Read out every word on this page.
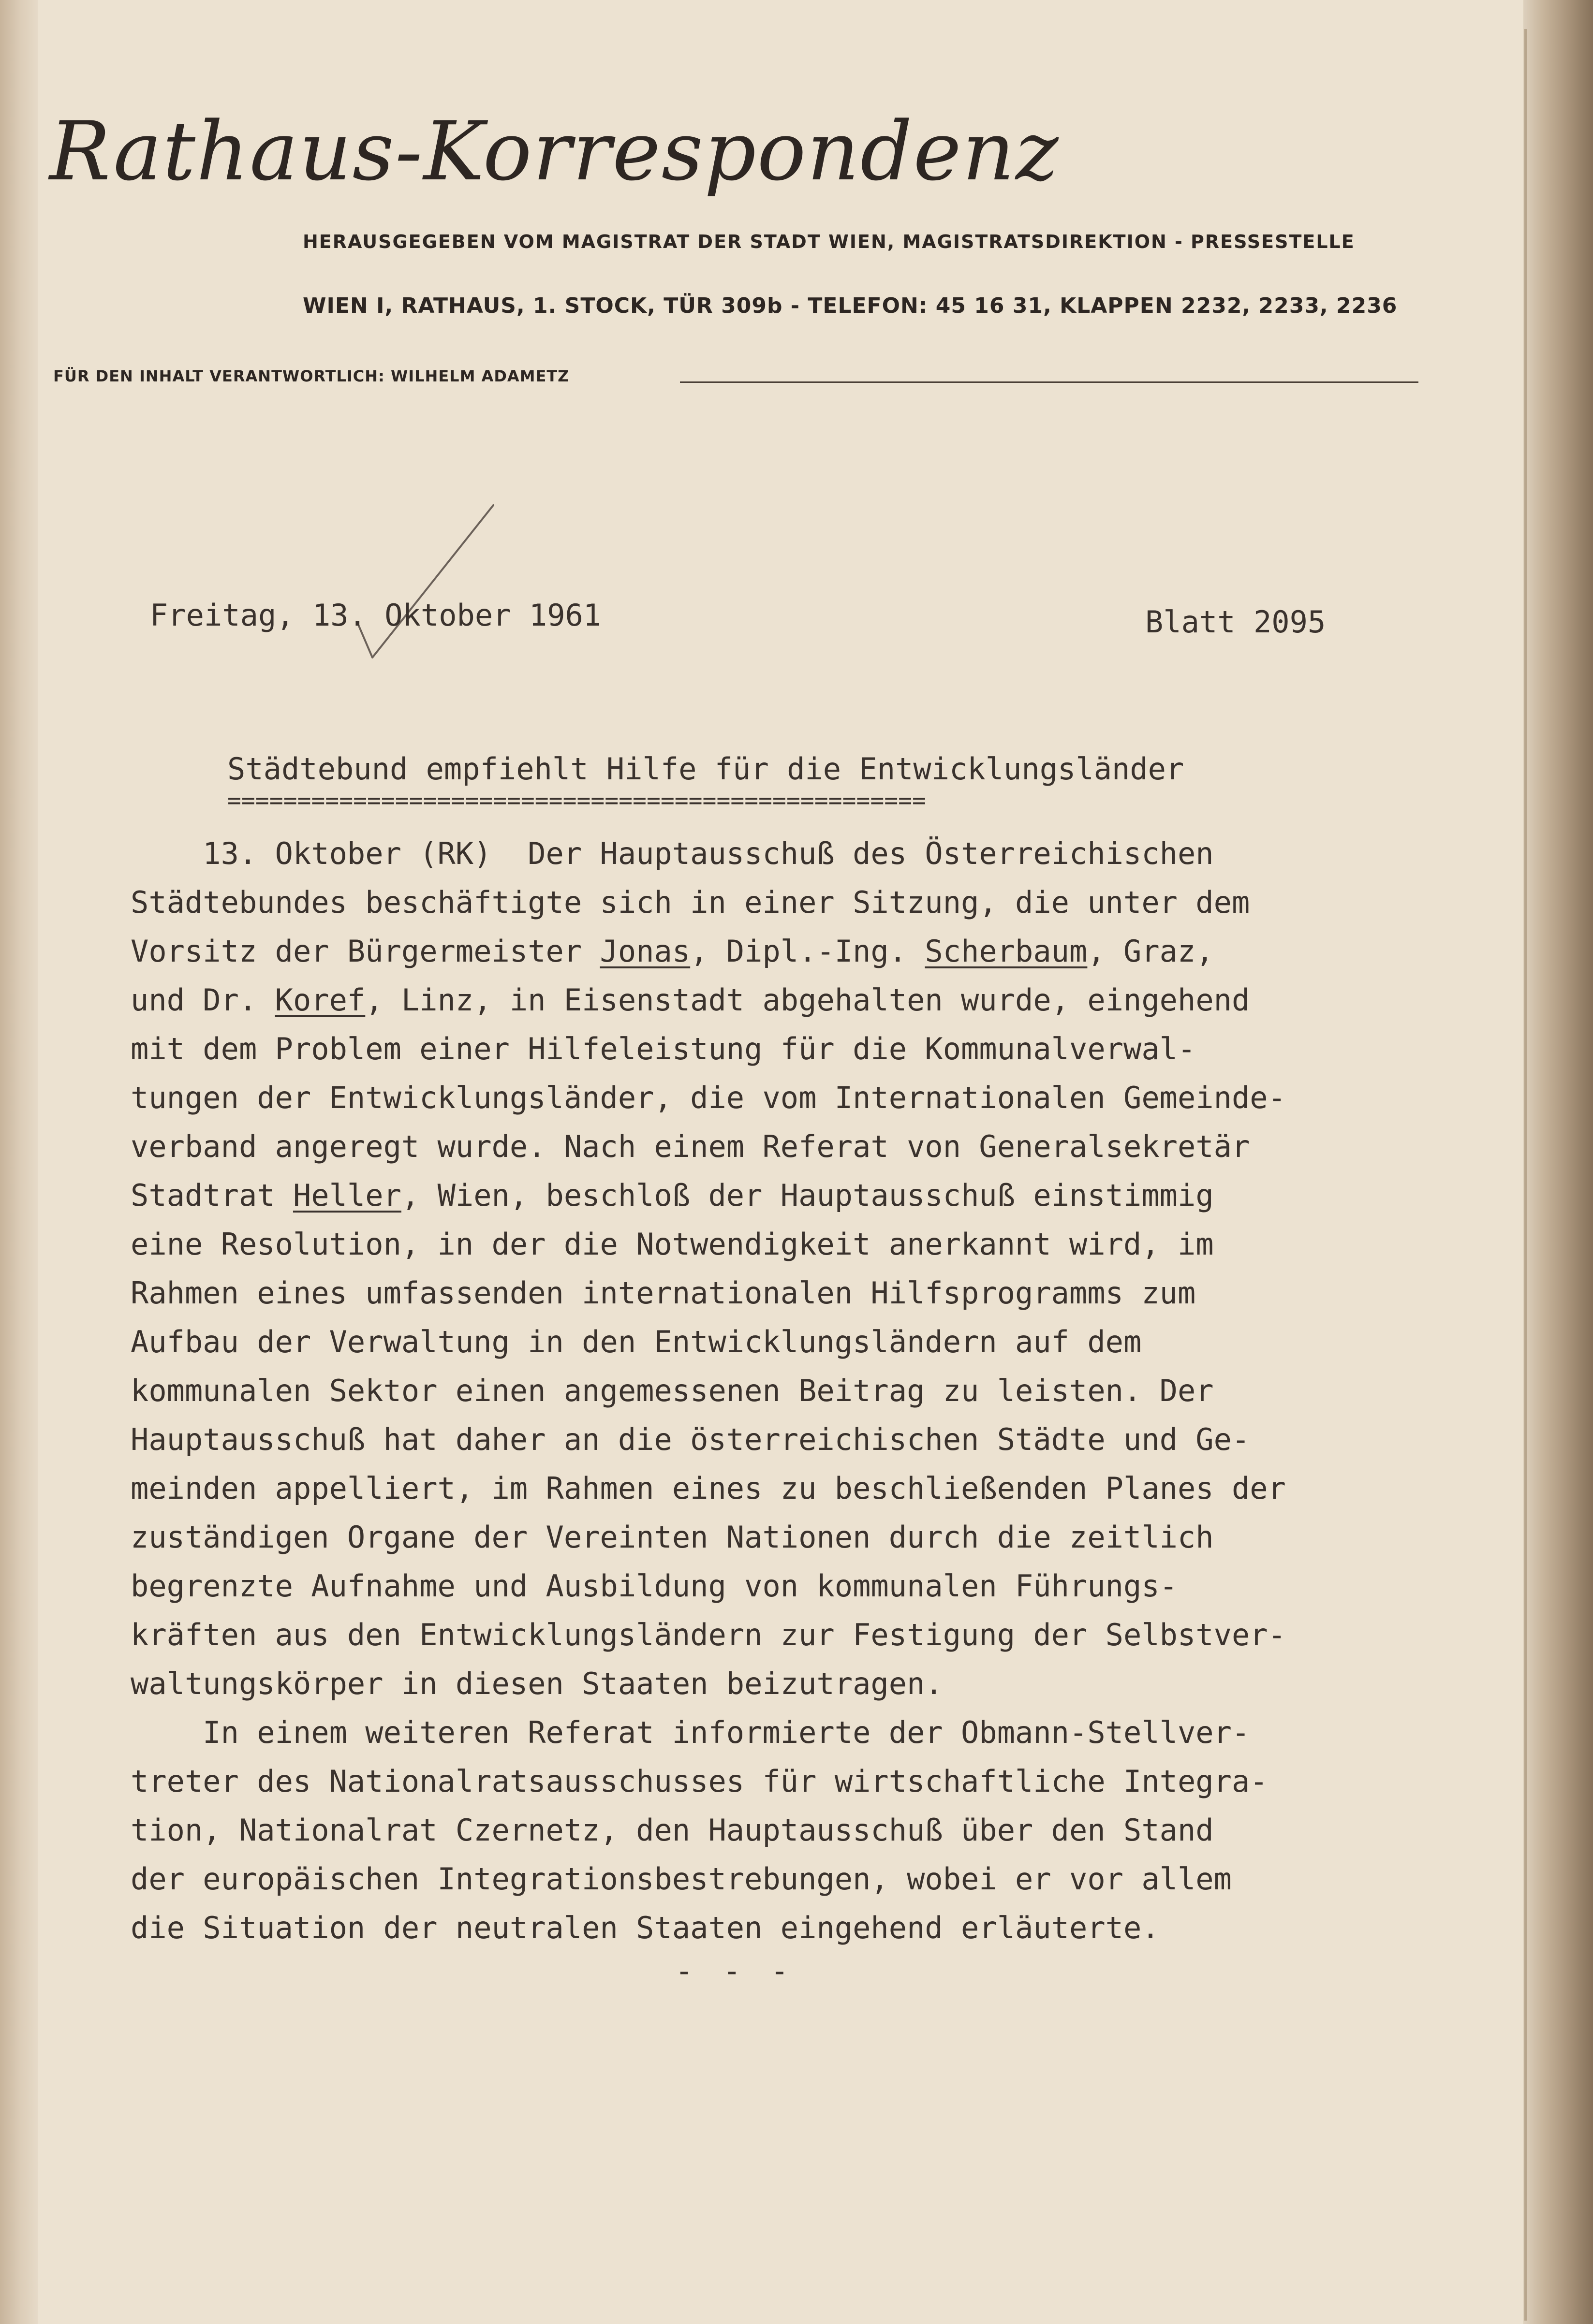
Rathaus-Korrespondenz
HERAUSGEGEBEN VOM MAGISTRAT DER STADT WIEN, MAGISTRATSDIREKTION - PRESSESTELLE
WIEN I, RATHAUS, 1. STOCK, TÜR 309b - TELEFON: 45 16 31, KLAPPEN 2232, 2233, 2236
FÜR DEN INHALT VERANTWORTLICH: WILHELM ADAMETZ
Freitag, 13. Oktober 1961	Blatt 2095
Städtebund empfiehlt Hilfe für die Entwicklungsländer
==================================================
13. Oktober (RK)  Der Hauptausschuß des Österreichischen
Städtebundes beschäftigte sich in einer Sitzung, die unter dem
Vorsitz der Bürgermeister Jonas, Dipl.-Ing. Scherbaum, Graz,
und Dr. Koref, Linz, in Eisenstadt abgehalten wurde, eingehend
mit dem Problem einer Hilfeleistung für die Kommunalverwal-
tungen der Entwicklungsländer, die vom Internationalen Gemeinde-
verband angeregt wurde. Nach einem Referat von Generalsekretär
Stadtrat Heller, Wien, beschloß der Hauptausschuß einstimmig
eine Resolution, in der die Notwendigkeit anerkannt wird, im
Rahmen eines umfassenden internationalen Hilfsprogramms zum
Aufbau der Verwaltung in den Entwicklungsländern auf dem
kommunalen Sektor einen angemessenen Beitrag zu leisten. Der
Hauptausschuß hat daher an die österreichischen Städte und Ge-
meinden appelliert, im Rahmen eines zu beschließenden Planes der
zuständigen Organe der Vereinten Nationen durch die zeitlich
begrenzte Aufnahme und Ausbildung von kommunalen Führungs-
kräften aus den Entwicklungsländern zur Festigung der Selbstver-
waltungskörper in diesen Staaten beizutragen.
In einem weiteren Referat informierte der Obmann-Stellver-
treter des Nationalratsausschusses für wirtschaftliche Integra-
tion, Nationalrat Czernetz, den Hauptausschuß über den Stand
der europäischen Integrationsbestrebungen, wobei er vor allem
die Situation der neutralen Staaten eingehend erläuterte.
- - -
